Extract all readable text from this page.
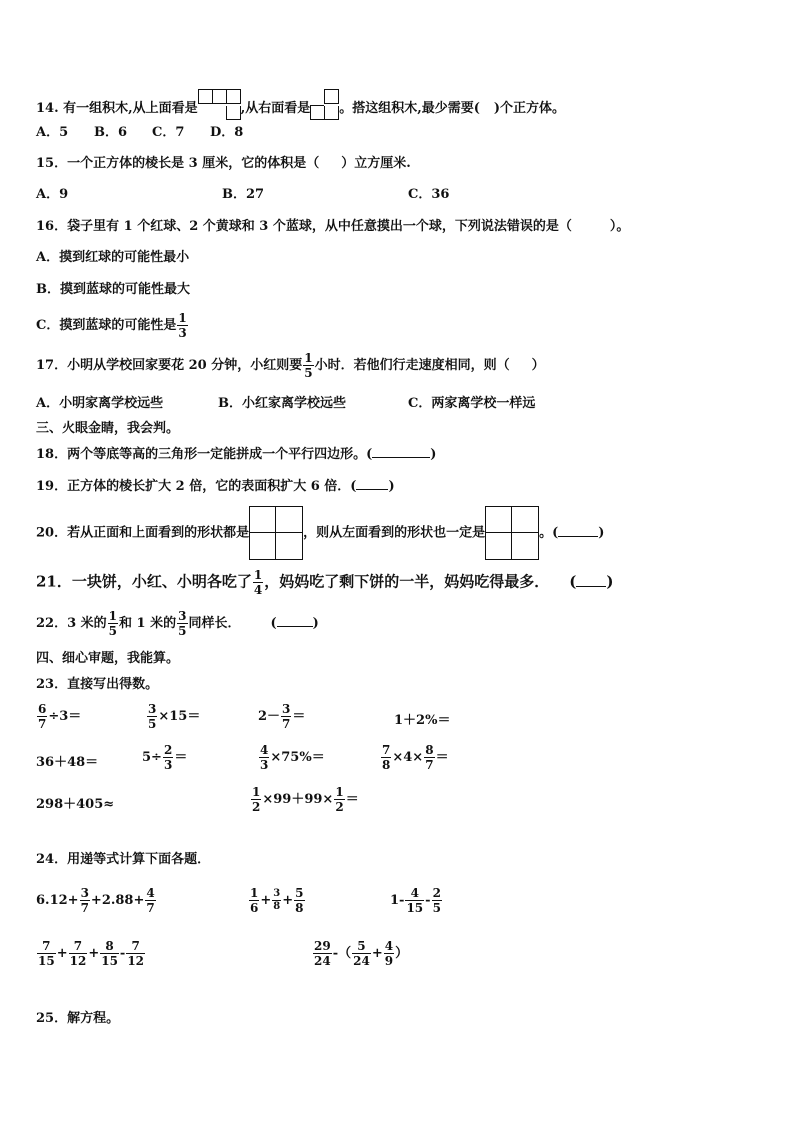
14. 有一组积木,从上面看是	,从右面看是 。搭这组积木,最少需要( )个正方体。
A．5 B．6 C．7 D．8
15．一个正方体的棱长是 3 厘米，它的体积是（ ）立方厘米.
A．9	B．27	C．36
16．袋子里有 1 个红球、2 个黄球和 3 个蓝球，从中任意摸出一个球，下列说法错误的是（	）。
A．摸到红球的可能性最小
B．摸到蓝球的可能性最大
C．摸到蓝球的可能性是 $\frac{1}{3}$
17．小明从学校回家要花 20 分钟，小红则要 $\frac{1}{5}$ 小时．若他们行走速度相同，则（ ）
A．小明家离学校远些	B．小红家离学校远些	C．两家离学校一样远
三、火眼金睛，我会判。
18．两个等底等高的三角形一定能拼成一个平行四边形。(	)
19．正方体的棱长扩大 2 倍，它的表面积扩大 6 倍．( )
20．若从正面和上面看到的形状都是	，则从左面看到的形状也一定是	。(	)
21．一块饼，小红、小明各吃了 $\frac{1}{4}$ ，妈妈吃了剩下饼的一半，妈妈吃得最多． ( )
22．3 米的 $\frac{1}{5}$ 和 1 米的 $\frac{3}{5}$ 同样长． (	)
四、细心审题，我能算。
23．直接写出得数。
$\frac{6}{7} \div 3=$	$\frac{3}{5} \times 15=$	$2- \frac{3}{7}$ ＝	1＋2%＝
36＋48＝	$5\div \frac{2}{3}$ ＝	$\frac{4}{3} \times 75\%=$	$\frac{7}{8} \times 4\times \frac{8}{7}$ ＝
298＋405≈	$\frac{1}{2} \times 99+99\times \frac{1}{2}$ ＝
24．用递等式计算下面各题．
$6.12+ \frac{3}{7} +2.88+ \frac{4}{7}$	$\frac{1}{6} + \frac{3}{8} + \frac{5}{8}$	$1- \frac{4}{15} - \frac{2}{5}$
$\frac{7}{15} + \frac{7}{12} + \frac{8}{15} - \frac{7}{12}$	$\frac{29}{24}$ -（ $\frac{5}{24} + \frac{4}{9}$ ）
25．解方程。
